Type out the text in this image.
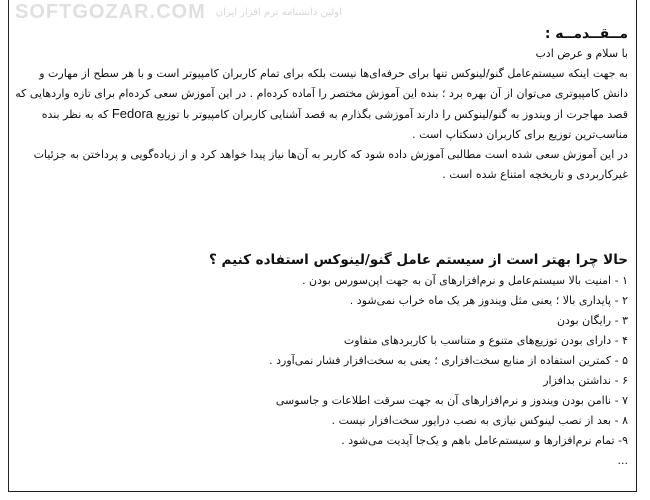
SOFTGOZAR.COM اولین دانشنامه نرم افزار ایران
مــقــدمــه :
با سلام و عرض ادب
به جهت اینکه سیستم‌عامل گنو/لینوکس تنها برای حرفه‌ای‌ها نیست بلکه برای تمام کاربران کامپیوتر است و با هر سطح از مهارت و دانش کامپیوتری می‌توان از آن بهره برد ؛ بنده این آموزش مختصر را آماده کرده‌ام . در این آموزش سعی کرده‌ام برای تازه واردهایی که قصد مهاجرت از ویندوز به گنو/لینوکس را دارند آموزشی بگذارم به قصد آشنایی کاربران کامپیوتر با توزیع Fedora که به نظر بنده مناسب‌ترین توزیع برای کاربران دسکتاپ است .
در این آموزش سعی شده است مطالبی آموزش داده شود که کاربر به آن‌ها نیاز پیدا خواهد کرد و از زیاده‌گویی و پرداختن به جزئیات غیرکاربردی و تاریخچه امتناع شده است .
حالا چرا بهتر است از سیستم عامل گنو/لینوکس استفاده کنیم ؟
۱ - امنیت بالا سیستم‌عامل و نرم‌افزارهای آن به جهت اپن‌سورس بودن .
۲ - پایداری بالا ؛ یعنی مثل ویندوز هر یک ماه خراب نمی‌شود .
۳ - رایگان بودن
۴ - دارای بودن توزیع‌های متنوع و متناسب با کاربردهای متفاوت
۵ - کمترین استفاده از منابع سخت‌افزاری ؛ یعنی به سخت‌افزار فشار نمی‌آورد .
۶ - نداشتن بدافزار
۷ - ناامن بودن ویندوز و نرم‌افزارهای آن به جهت سرقت اطلاعات و جاسوسی
۸ - بعد از نصب لینوکس نیازی به نصب درایور سخت‌افزار نیست .
۹- تمام نرم‌افزارها و سیستم‌عامل باهم و یک‌جا آپدیت می‌شود .
...
